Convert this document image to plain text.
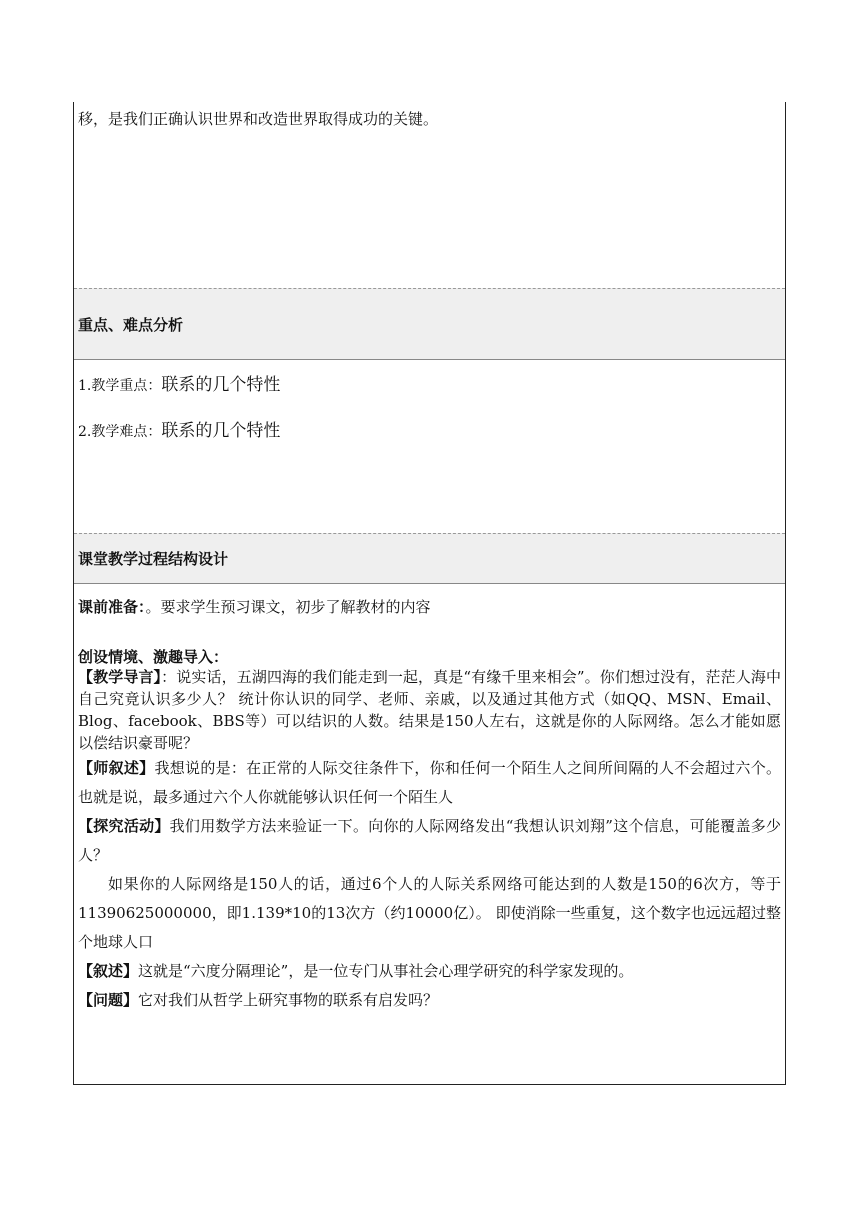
移，是我们正确认识世界和改造世界取得成功的关键。
重点、难点分析
1.教学重点：联系的几个特性
2.教学难点：联系的几个特性
课堂教学过程结构设计

课前准备：。要求学生预习课文，初步了解教材的内容

创设情境、激趣导入：

【教学导言】：说实话，五湖四海的我们能走到一起，真是“有缘千里来相会”。你们想过没有，茫茫人海中自己究竟认识多少人？ 统计你认识的同学、老师、亲戚，以及通过其他方式（如QQ、MSN、Email、Blog、facebook、BBS等）可以结识的人数。结果是150人左右，这就是你的人际网络。怎么才能如愿以偿结识豪哥呢？

【师叙述】我想说的是：在正常的人际交往条件下，你和任何一个陌生人之间所间隔的人不会超过六个。也就是说，最多通过六个人你就能够认识任何一个陌生人

【探究活动】我们用数学方法来验证一下。向你的人际网络发出“我想认识刘翔”这个信息，可能覆盖多少人？

如果你的人际网络是150人的话，通过6个人的人际关系网络可能达到的人数是150的6次方，等于11390625000000，即1.139*10的13次方（约10000亿）。 即使消除一些重复，这个数字也远远超过整个地球人口

【叙述】这就是“六度分隔理论”，是一位专门从事社会心理学研究的科学家发现的。

【问题】它对我们从哲学上研究事物的联系有启发吗？
